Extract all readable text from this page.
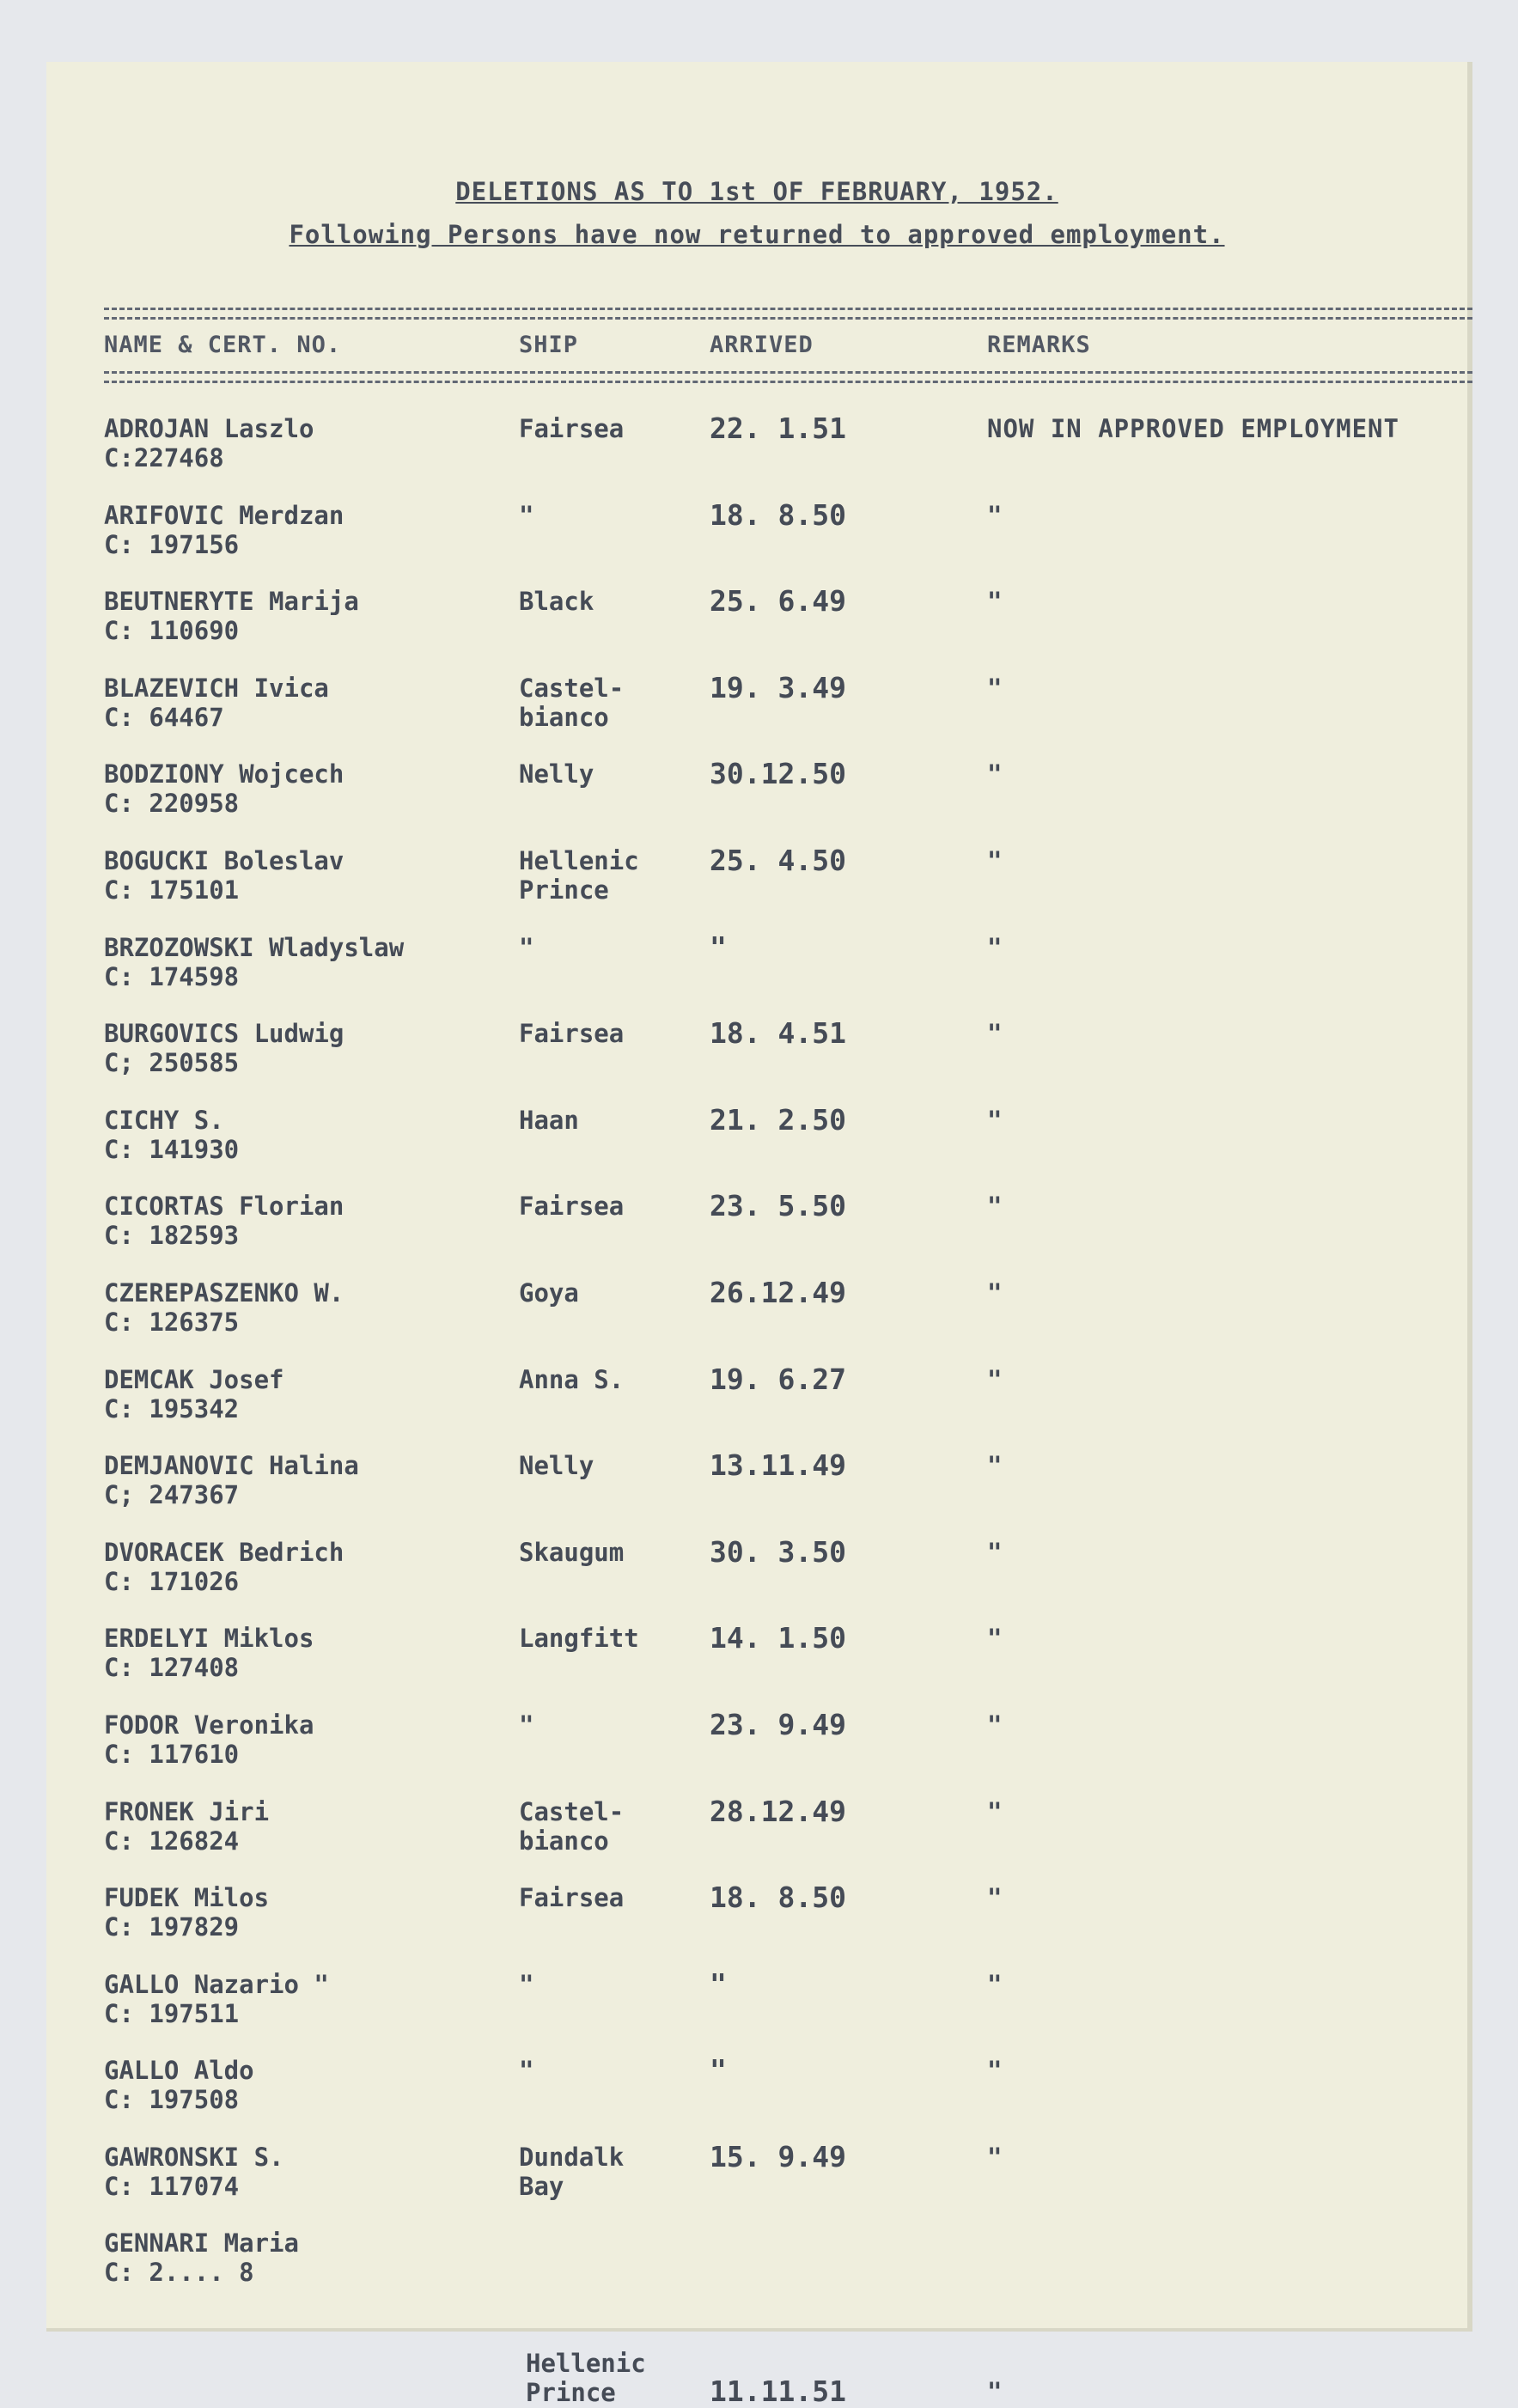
DELETIONS AS TO 1st OF FEBRUARY, 1952.
Following Persons have now returned to approved employment.
NAME & CERT. NO.	SHIP	ARRIVED	REMARKS
ADROJAN Laszlo
C:227468
Fairsea	22. 1.51	NOW IN APPROVED EMPLOYMENT
ARIFOVIC Merdzan
C: 197156
"	18. 8.50	"
BEUTNERYTE Marija
C: 110690
Black	25. 6.49	"
BLAZEVICH Ivica
C: 64467
Castel-
bianco
19. 3.49	"
BODZIONY Wojcech
C: 220958
Nelly	30.12.50	"
BOGUCKI Boleslav
C: 175101
Hellenic
Prince
25. 4.50	"
BRZOZOWSKI Wladyslaw
C: 174598
"	"	"
BURGOVICS Ludwig
C; 250585
Fairsea	18. 4.51	"
CICHY S.
C: 141930
Haan	21. 2.50	"
CICORTAS Florian
C: 182593
Fairsea	23. 5.50	"
CZEREPASZENKO W.
C: 126375
Goya	26.12.49	"
DEMCAK Josef
C: 195342
Anna S.	19. 6.27	"
DEMJANOVIC Halina
C; 247367
Nelly	13.11.49	"
DVORACEK Bedrich
C: 171026
Skaugum	30. 3.50	"
ERDELYI Miklos
C: 127408
Langfitt 14. 1.50	"
FODOR Veronika
C: 117610
"	23. 9.49	"
FRONEK Jiri
C: 126824
Castel-
bianco
28.12.49	"
FUDEK Milos
C: 197829
Fairsea	18. 8.50	"
GALLO Nazario "
C: 197511
"	"	"
GALLO Aldo
C: 197508
"	"	"
GAWRONSKI S.
C: 117074
Dundalk
Bay
15. 9.49	"
GENNARI Maria
C: 2.... 8
Hellenic
Prince	11.11.51	"
